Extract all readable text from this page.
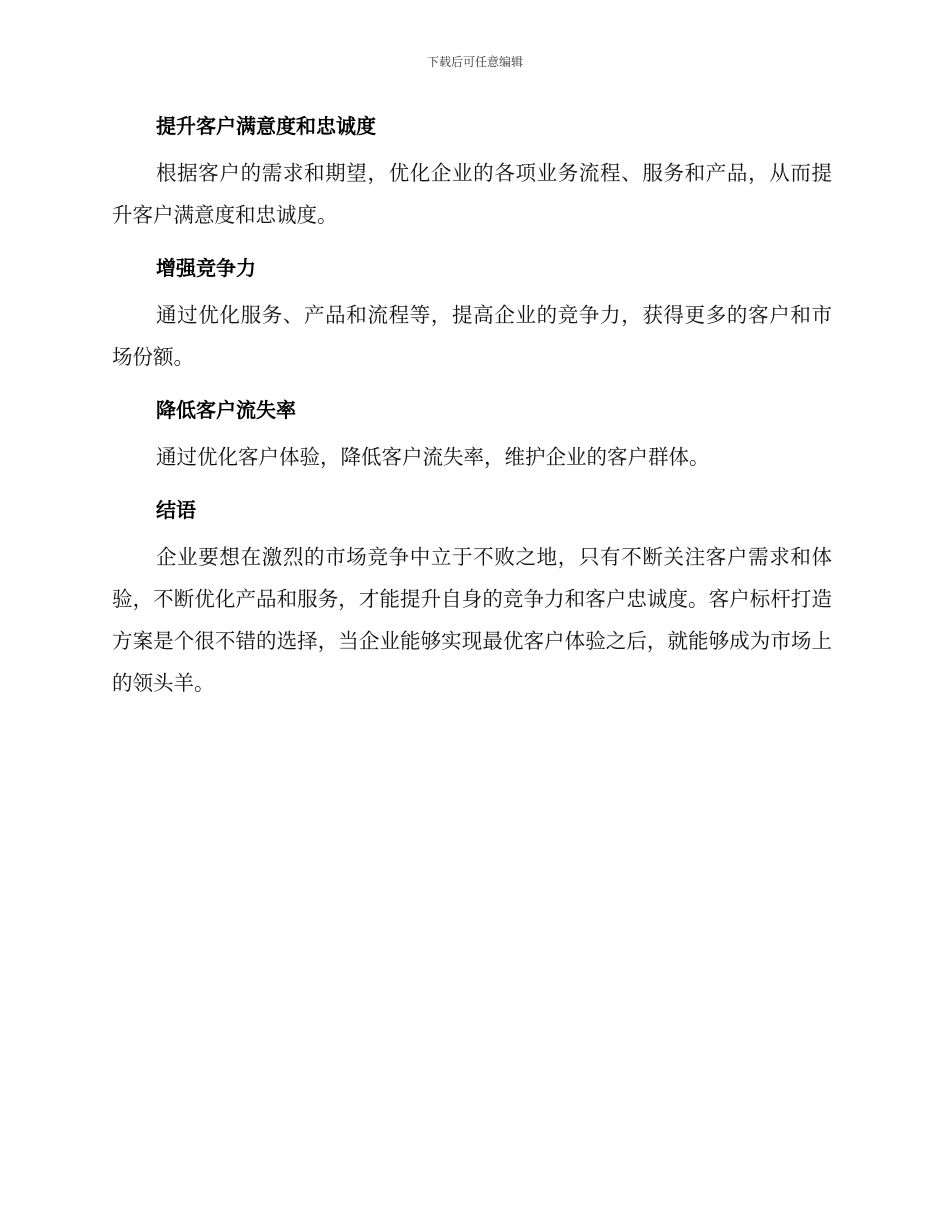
下载后可任意编辑
提升客户满意度和忠诚度

根据客户的需求和期望，优化企业的各项业务流程、服务和产品，从而提升客户满意度和忠诚度。

增强竞争力

通过优化服务、产品和流程等，提高企业的竞争力，获得更多的客户和市场份额。

降低客户流失率

通过优化客户体验，降低客户流失率，维护企业的客户群体。

结语

企业要想在激烈的市场竞争中立于不败之地，只有不断关注客户需求和体验，不断优化产品和服务，才能提升自身的竞争力和客户忠诚度。客户标杆打造方案是个很不错的选择，当企业能够实现最优客户体验之后，就能够成为市场上的领头羊。
